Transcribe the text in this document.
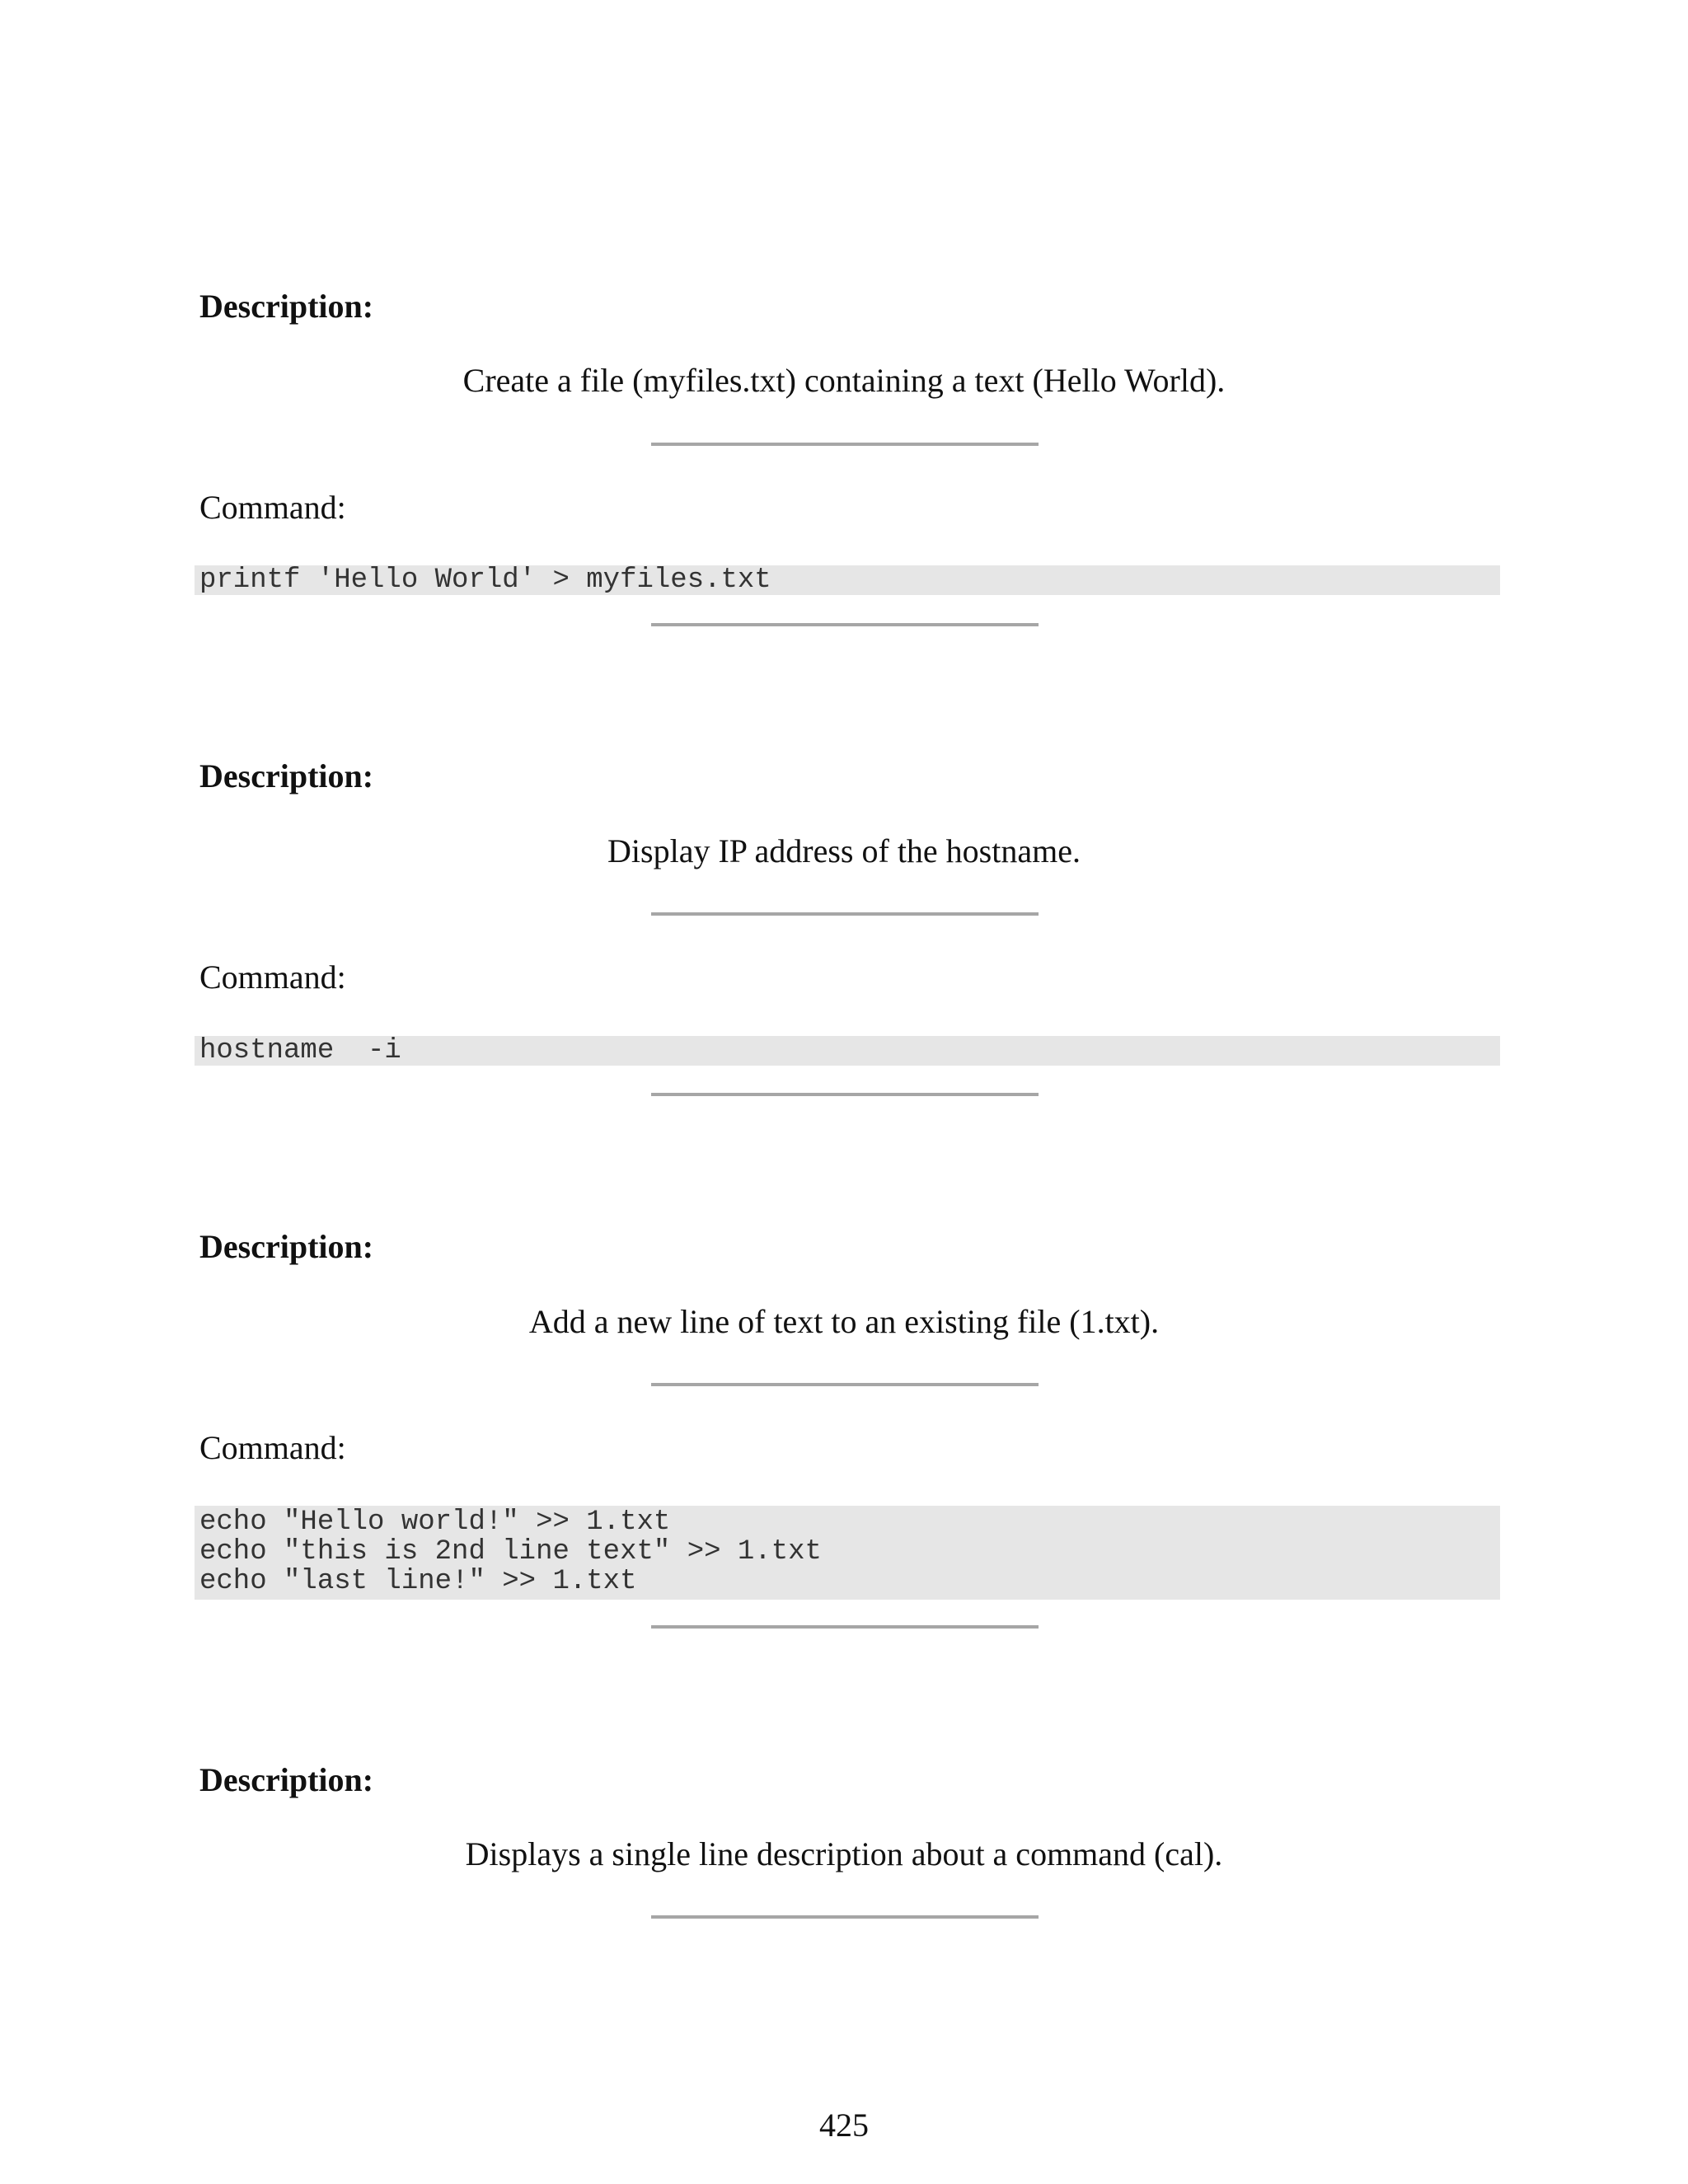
Description:
Create a file (myfiles.txt) containing a text (Hello World).
Command:
printf 'Hello World' > myfiles.txt
Description:
Display IP address of the hostname.
Command:
hostname  -i
Description:
Add a new line of text to an existing file (1.txt).
Command:
echo "Hello world!" >> 1.txt
echo "this is 2nd line text" >> 1.txt
echo "last line!" >> 1.txt
Description:
Displays a single line description about a command (cal).
425
